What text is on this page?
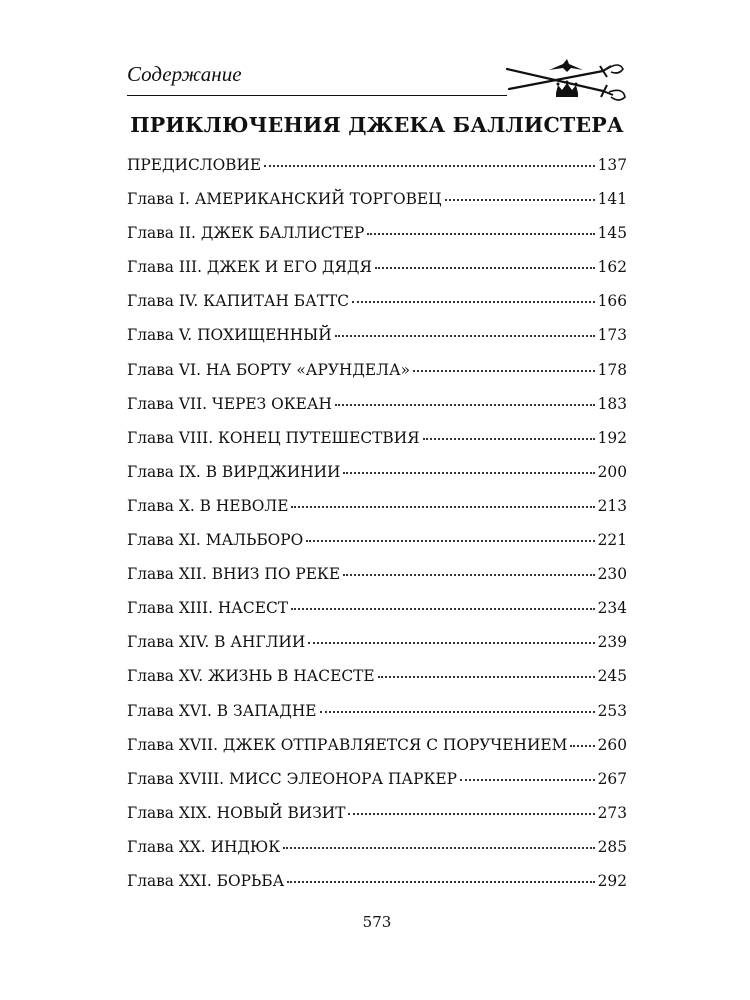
Содержание
ПРИКЛЮЧЕНИЯ ДЖЕКА БАЛЛИСТЕРА
ПРЕДИСЛОВИЕ	137
Глава I. АМЕРИКАНСКИЙ ТОРГОВЕЦ	141
Глава II. ДЖЕК БАЛЛИСТЕР	145
Глава III. ДЖЕК И ЕГО ДЯДЯ	162
Глава IV. КАПИТАН БАТТС	166
Глава V. ПОХИЩЕННЫЙ	173
Глава VI. НА БОРТУ «АРУНДЕЛА»	178
Глава VII. ЧЕРЕЗ ОКЕАН	183
Глава VIII. КОНЕЦ ПУТЕШЕСТВИЯ	192
Глава IX. В ВИРДЖИНИИ	200
Глава X. В НЕВОЛЕ	213
Глава XI. МАЛЬБОРО	221
Глава XII. ВНИЗ ПО РЕКЕ	230
Глава XIII. НАСЕСТ	234
Глава XIV. В АНГЛИИ	239
Глава XV. ЖИЗНЬ В НАСЕСТЕ	245
Глава XVI. В ЗАПАДНЕ	253
Глава XVII. ДЖЕК ОТПРАВЛЯЕТСЯ С ПОРУЧЕНИЕМ 260
Глава XVIII. МИСС ЭЛЕОНОРА ПАРКЕР	267
Глава XIX. НОВЫЙ ВИЗИТ	273
Глава XX. ИНДЮК	285
Глава XXI. БОРЬБА	292
573
